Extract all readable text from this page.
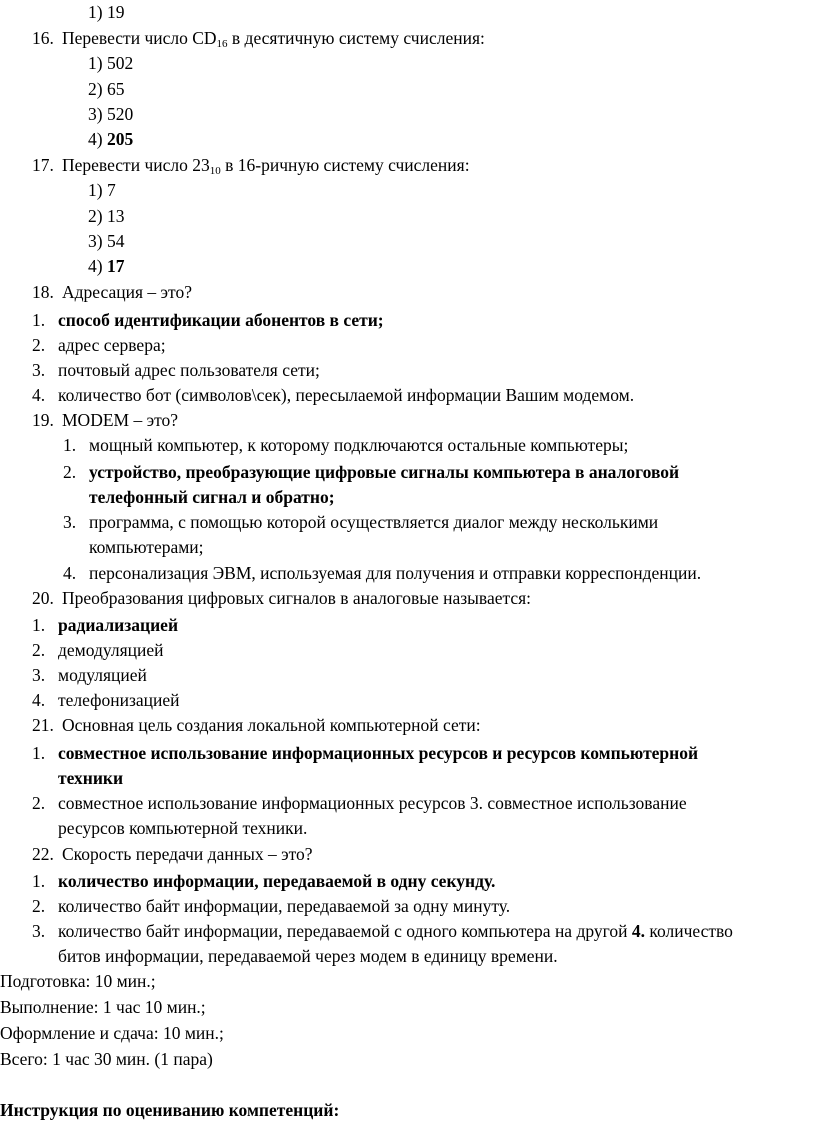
1) 19
16. Перевести число $CD_{16}$ в десятичную систему счисления:
1) 502
2) 65
3) 520
4) 205
17. Перевести число $23_{10}$ в 16-ричную систему счисления:
1) 7
2) 13
3) 54
4) 17
18. Адресация – это?
1. способ идентификации абонентов в сети;
2. адрес сервера;
3. почтовый адрес пользователя сети;
4. количество бот (символов\сек), пересылаемой информации Вашим модемом.
19. MODEM – это?
1. мощный компьютер, к которому подключаются остальные компьютеры;
2. устройство, преобразующие цифровые сигналы компьютера в аналоговой
телефонный сигнал и обратно;
3. программа, с помощью которой осуществляется диалог между несколькими
компьютерами;
4. персонализация ЭВМ, используемая для получения и отправки корреспонденции.
20. Преобразования цифровых сигналов в аналоговые называется:
1. радиализацией
2. демодуляцией
3. модуляцией
4. телефонизацией
21. Основная цель создания локальной компьютерной сети:
1. совместное использование информационных ресурсов и ресурсов компьютерной
техники
2. совместное использование информационных ресурсов 3. совместное использование
ресурсов компьютерной техники.
22. Скорость передачи данных – это?
1. количество информации, передаваемой в одну секунду.
2. количество байт информации, передаваемой за одну минуту.
3. количество байт информации, передаваемой с одного компьютера на другой 4. количество
битов информации, передаваемой через модем в единицу времени.
Подготовка: 10 мин.;
Выполнение: 1 час 10 мин.;
Оформление и сдача: 10 мин.;
Всего: 1 час 30 мин. (1 пара)
Инструкция по оцениванию компетенций:
